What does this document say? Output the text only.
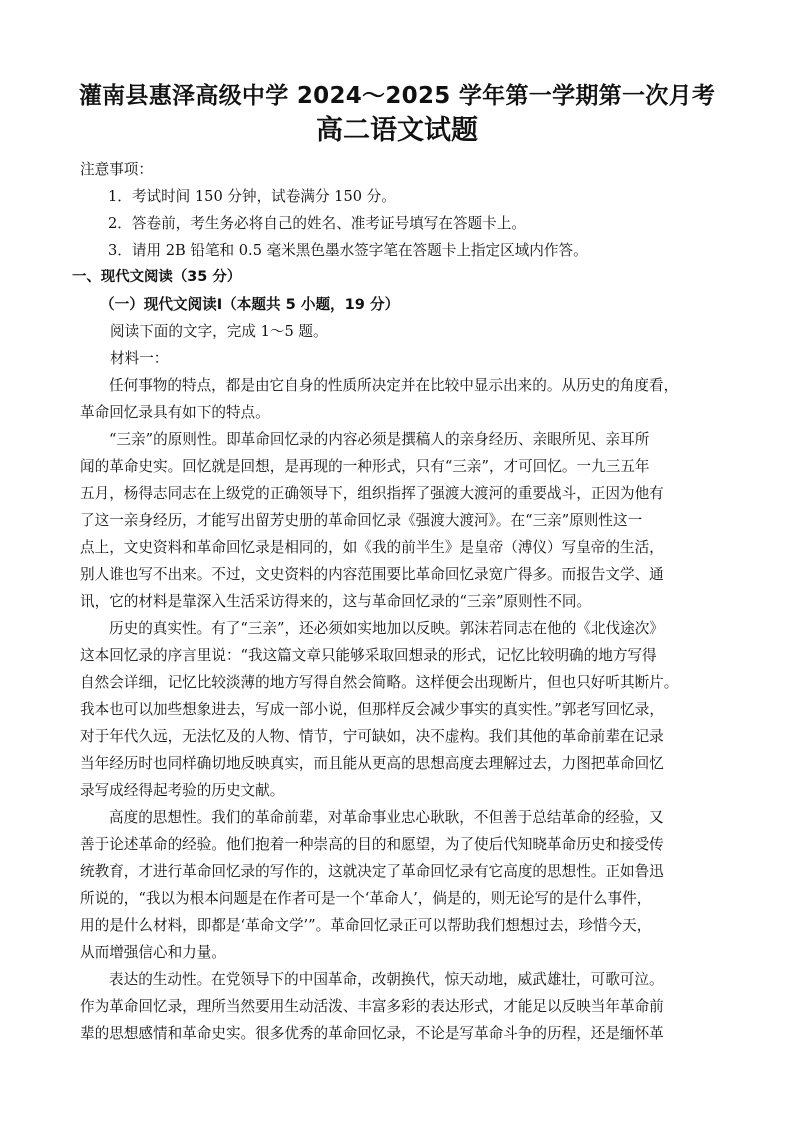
灌南县惠泽高级中学 2024～2025 学年第一学期第一次月考
高二语文试题
注意事项：
1．考试时间 150 分钟，试卷满分 150 分。
2．答卷前，考生务必将自己的姓名、准考证号填写在答题卡上。
3．请用 2B 铅笔和 0.5 毫米黑色墨水签字笔在答题卡上指定区域内作答。
一、现代文阅读（35 分）
（一）现代文阅读Ⅰ（本题共 5 小题，19 分）
阅读下面的文字，完成 1～5 题。
材料一：
任何事物的特点，都是由它自身的性质所决定并在比较中显示出来的。从历史的角度看，
革命回忆录具有如下的特点。
“三亲”的原则性。即革命回忆录的内容必须是撰稿人的亲身经历、亲眼所见、亲耳所
闻的革命史实。回忆就是回想，是再现的一种形式，只有“三亲”，才可回忆。一九三五年
五月，杨得志同志在上级党的正确领导下，组织指挥了强渡大渡河的重要战斗，正因为他有
了这一亲身经历，才能写出留芳史册的革命回忆录《强渡大渡河》。在“三亲”原则性这一
点上，文史资料和革命回忆录是相同的，如《我的前半生》是皇帝（溥仪）写皇帝的生活，
别人谁也写不出来。不过，文史资料的内容范围要比革命回忆录宽广得多。而报告文学、通
讯，它的材料是靠深入生活采访得来的，这与革命回忆录的“三亲”原则性不同。
历史的真实性。有了“三亲”，还必须如实地加以反映。郭沫若同志在他的《北伐途次》
这本回忆录的序言里说：“我这篇文章只能够采取回想录的形式，记忆比较明确的地方写得
自然会详细，记忆比较淡薄的地方写得自然会简略。这样便会出现断片，但也只好听其断片。
我本也可以加些想象进去，写成一部小说，但那样反会减少事实的真实性。”郭老写回忆录，
对于年代久远，无法忆及的人物、情节，宁可缺如，决不虚构。我们其他的革命前辈在记录
当年经历时也同样确切地反映真实，而且能从更高的思想高度去理解过去，力图把革命回忆
录写成经得起考验的历史文献。
高度的思想性。我们的革命前辈，对革命事业忠心耿耿，不但善于总结革命的经验，又
善于论述革命的经验。他们抱着一种崇高的目的和愿望，为了使后代知晓革命历史和接受传
统教育，才进行革命回忆录的写作的，这就决定了革命回忆录有它高度的思想性。正如鲁迅
所说的，“我以为根本问题是在作者可是一个‘革命人’，倘是的，则无论写的是什么事件，
用的是什么材料，即都是‘革命文学’”。革命回忆录正可以帮助我们想想过去，珍惜今天，
从而增强信心和力量。
表达的生动性。在党领导下的中国革命，改朝换代，惊天动地，威武雄壮，可歌可泣。
作为革命回忆录，理所当然要用生动活泼、丰富多彩的表达形式，才能足以反映当年革命前
辈的思想感情和革命史实。很多优秀的革命回忆录，不论是写革命斗争的历程，还是缅怀革
